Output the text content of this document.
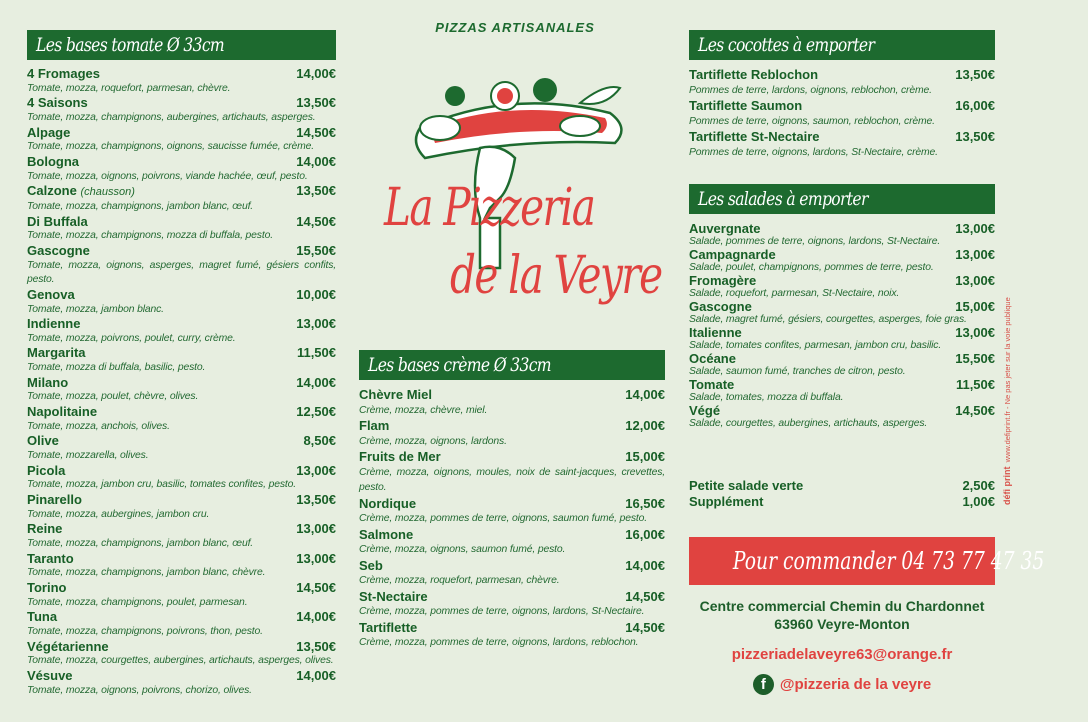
Les bases tomate Ø 33cm
4 Fromages	14,00€
Tomate, mozza, roquefort, parmesan, chèvre.
4 Saisons	13,50€
Tomate, mozza, champignons, aubergines, artichauts, asperges.
Alpage	14,50€
Tomate, mozza, champignons, oignons, saucisse fumée, crème.
Bologna	14,00€
Tomate, mozza, oignons, poivrons, viande hachée, œuf, pesto.
Calzone (chausson)	13,50€
Tomate, mozza, champignons, jambon blanc, œuf.
Di Buffala	14,50€
Tomate, mozza, champignons, mozza di buffala, pesto.
Gascogne	15,50€
Tomate, mozza, oignons, asperges, magret fumé, gésiers confits, pesto.
Genova	10,00€
Tomate, mozza, jambon blanc.
Indienne	13,00€
Tomate, mozza, poivrons, poulet, curry, crème.
Margarita	11,50€
Tomate, mozza di buffala, basilic, pesto.
Milano	14,00€
Tomate, mozza, poulet, chèvre, olives.
Napolitaine	12,50€
Tomate, mozza, anchois, olives.
Olive	8,50€
Tomate, mozzarella, olives.
Picola	13,00€
Tomate, mozza, jambon cru, basilic, tomates confites, pesto.
Pinarello	13,50€
Tomate, mozza, aubergines, jambon cru.
Reine	13,00€
Tomate, mozza, champignons, jambon blanc, œuf.
Taranto	13,00€
Tomate, mozza, champignons, jambon blanc, chèvre.
Torino	14,50€
Tomate, mozza, champignons, poulet, parmesan.
Tuna	14,00€
Tomate, mozza, champignons, poivrons, thon, pesto.
Végétarienne	13,50€
Tomate, mozza, courgettes, aubergines, artichauts, asperges, olives.
Vésuve	14,00€
Tomate, mozza, oignons, poivrons, chorizo, olives.
PIZZAS ARTISANALES
La Pizzeria
de la Veyre
Les bases crème Ø 33cm
Chèvre Miel	14,00€
Crème, mozza, chèvre, miel.
Flam	12,00€
Crème, mozza, oignons, lardons.
Fruits de Mer	15,00€
Crème, mozza, oignons, moules, noix de saint-jacques, crevettes, pesto.
Nordique	16,50€
Crème, mozza, pommes de terre, oignons, saumon fumé, pesto.
Salmone	16,00€
Crème, mozza, oignons, saumon fumé, pesto.
Seb	14,00€
Crème, mozza, roquefort, parmesan, chèvre.
St-Nectaire	14,50€
Crème, mozza, pommes de terre, oignons, lardons, St-Nectaire.
Tartiflette	14,50€
Crème, mozza, pommes de terre, oignons, lardons, reblochon.
Les cocottes à emporter
Tartiflette Reblochon	13,50€
Pommes de terre, lardons, oignons, reblochon, crème.
Tartiflette Saumon	16,00€
Pommes de terre, oignons, saumon, reblochon, crème.
Tartiflette St-Nectaire	13,50€
Pommes de terre, oignons, lardons, St-Nectaire, crème.
Les salades à emporter
Auvergnate	13,00€
Salade, pommes de terre, oignons, lardons, St-Nectaire.
Campagnarde	13,00€
Salade, poulet, champignons, pommes de terre, pesto.
Fromagère	13,00€
Salade, roquefort, parmesan, St-Nectaire, noix.
Gascogne	15,00€
Salade, magret fumé, gésiers, courgettes, asperges, foie gras.
Italienne	13,00€
Salade, tomates confites, parmesan, jambon cru, basilic.
Océane	15,50€
Salade, saumon fumé, tranches de citron, pesto.
Tomate	11,50€
Salade, tomates, mozza di buffala.
Végé	14,50€
Salade, courgettes, aubergines, artichauts, asperges.
Petite salade verte	2,50€
Supplément	1,00€
Pour commander 04 73 77 47 35
Centre commercial Chemin du Chardonnet
63960 Veyre-Monton
pizzeriadelaveyre63@orange.fr
f @pizzeria de la veyre
défi print  www.defiprint.fr - Ne pas jeter sur la voie publique
